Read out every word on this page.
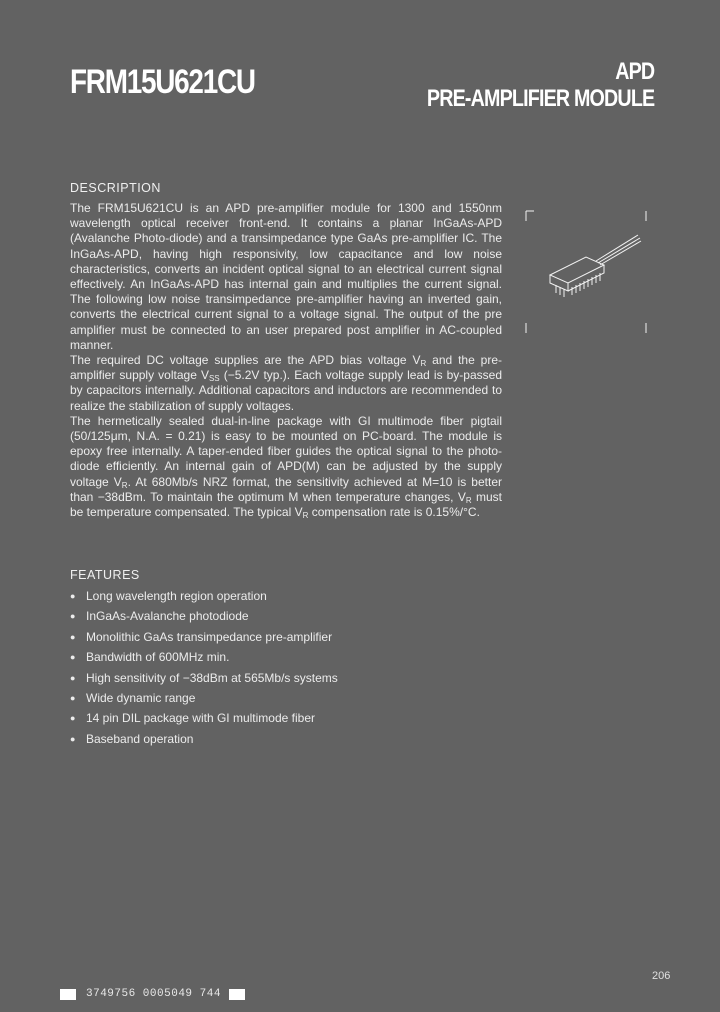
FRM15U621CU	APD
PRE-AMPLIFIER MODULE
DESCRIPTION

The FRM15U621CU is an APD pre-amplifier module for 1300 and 1550nm wavelength optical receiver front-end. It contains a planar InGaAs-APD (Avalanche Photo-diode) and a transimpedance type GaAs pre-amplifier IC. The InGaAs-APD, having high responsivity, low capacitance and low noise characteristics, converts an incident optical signal to an electrical current signal effectively. An InGaAs-APD has internal gain and multiplies the current signal. The following low noise transimpedance pre-amplifier having an inverted gain, converts the electrical current signal to a voltage signal. The output of the pre amplifier must be connected to an user prepared post amplifier in AC-coupled manner.

The required DC voltage supplies are the APD bias voltage $V_R$ and the pre-amplifier supply voltage $V_{SS}$ (−5.2V typ.). Each voltage supply lead is by-passed by capacitors internally. Additional capacitors and inductors are recommended to realize the stabilization of supply voltages.

The hermetically sealed dual-in-line package with GI multimode fiber pigtail (50/125μm, N.A. = 0.21) is easy to be mounted on PC-board. The module is epoxy free internally. A taper-ended fiber guides the optical signal to the photo-diode efficiently. An internal gain of APD(M) can be adjusted by the supply voltage $V_R$. At 680Mb/s NRZ format, the sensitivity achieved at M=10 is better than −38dBm. To maintain the optimum M when temperature changes, $V_R$ must be temperature compensated. The typical $V_R$ compensation rate is 0.15%/°C.

FEATURES
● Long wavelength region operation
● InGaAs-Avalanche photodiode
● Monolithic GaAs transimpedance pre-amplifier
● Bandwidth of 600MHz min.
● High sensitivity of −38dBm at 565Mb/s systems
● Wide dynamic range
● 14 pin DIL package with GI multimode fiber
● Baseband operation
206
3749756 0005049 744
